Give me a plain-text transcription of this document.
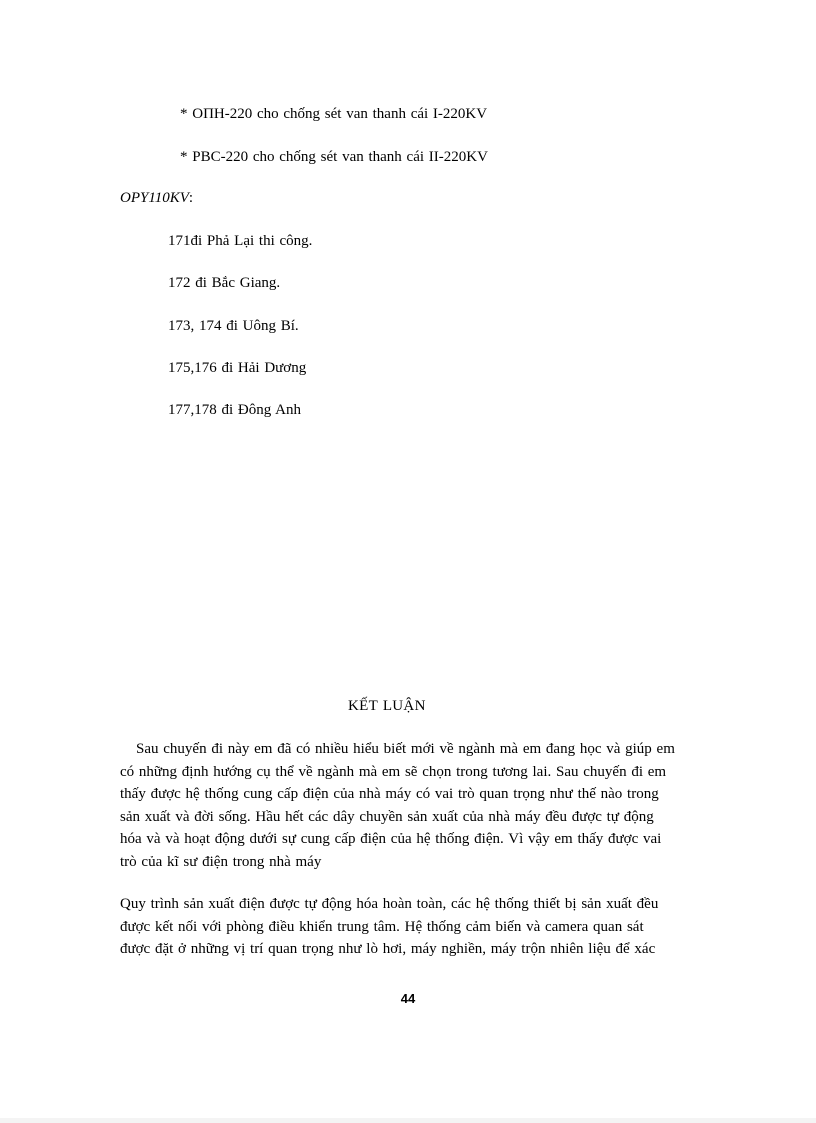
* OПH-220 cho chống sét van thanh cái I-220KV
* PBC-220 cho chống sét van thanh cái II-220KV
OPY110KV:
171đi Phả Lại thi công.
172 đi Bắc Giang.
173, 174 đi Uông Bí.
175,176 đi Hải Dương
177,178 đi Đông Anh
KẾT LUẬN
Sau chuyến đi này em đã có nhiều hiểu biết mới về ngành mà em đang học và giúp em
có những định hướng cụ thể về ngành mà em sẽ chọn trong tương lai. Sau chuyến đi em
thấy được hệ thống cung cấp điện của nhà máy có vai trò quan trọng như thế nào trong
sản xuất và đời sống. Hầu hết các dây chuyền sản xuất của nhà máy đều được tự động
hóa và và hoạt động dưới sự cung cấp điện của hệ thống điện. Vì vậy em thấy được vai
trò của kĩ sư điện trong nhà máy
Quy trình sản xuất điện được tự động hóa hoàn toàn, các hệ thống thiết bị sản xuất đều
được kết nối với phòng điều khiển trung tâm. Hệ thống cảm biến và camera quan sát
được đặt ở những vị trí quan trọng như lò hơi, máy nghiền, máy trộn nhiên liệu để xác
44
